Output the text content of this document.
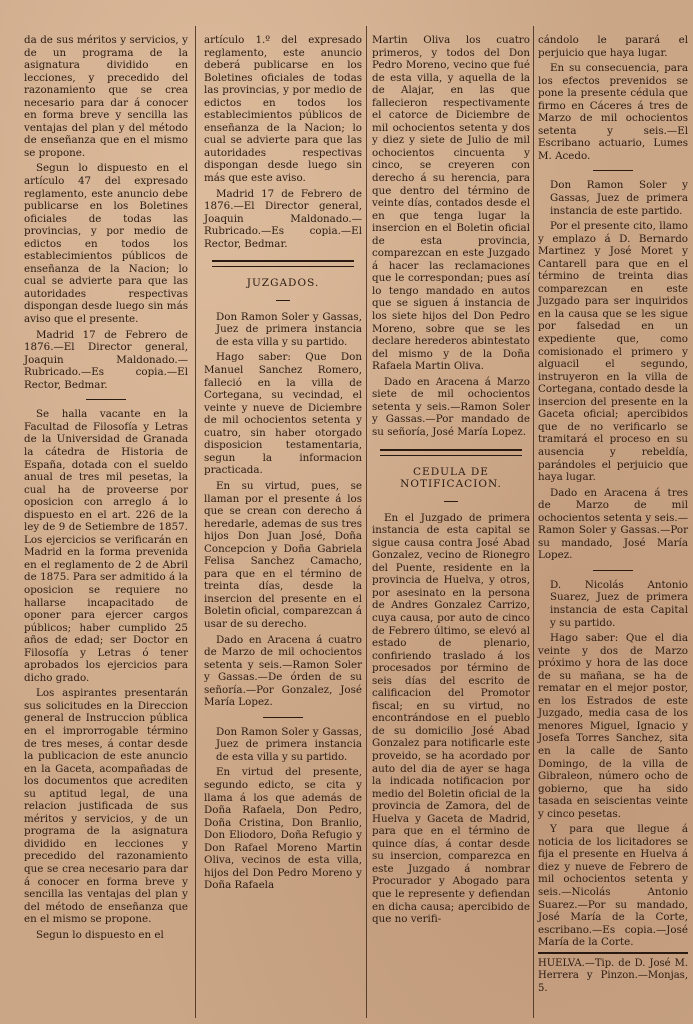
da de sus méritos y servicios, y de un programa de la asignatura dividido en lecciones, y precedido del razonamiento que se crea necesario para dar á conocer en forma breve y sencilla las ventajas del plan y del método de enseñanza que en el mismo se propone.

Segun lo dispuesto en el artículo 47 del expresado reglamento, este anuncio debe publicarse en los Boletines oficiales de todas las provincias, y por medio de edictos en todos los establecimientos públicos de enseñanza de la Nacion; lo cual se advierte para que las autoridades respectivas dispongan desde luego sin más aviso que el presente.

Madrid 17 de Febrero de 1876.—El Director general, Joaquin Maldonado.—Rubricado.—Es copia.—El Rector, Bedmar.

Se halla vacante en la Facultad de Filosofía y Letras de la Universidad de Granada la cátedra de Historia de España, dotada con el sueldo anual de tres mil pesetas, la cual ha de proveerse por oposicion con arreglo á lo dispuesto en el art. 226 de la ley de 9 de Setiembre de 1857. Los ejercicios se verificarán en Madrid en la forma prevenida en el reglamento de 2 de Abril de 1875. Para ser admitido á la oposicion se requiere no hallarse incapacitado de oponer para ejercer cargos públicos; haber cumplido 25 años de edad; ser Doctor en Filosofía y Letras ó tener aprobados los ejercicios para dicho grado.

Los aspirantes presentarán sus solicitudes en la Direccion general de Instruccion pública en el improrrogable término de tres meses, á contar desde la publicacion de este anuncio en la Gaceta, acompañadas de los documentos que acrediten su aptitud legal, de una relacion justificada de sus méritos y servicios, y de un programa de la asignatura dividido en lecciones y precedido del razonamiento que se crea necesario para dar á conocer en forma breve y sencilla las ventajas del plan y del método de enseñanza que en el mismo se propone.

Segun lo dispuesto en el

artículo 1.º del expresado reglamento, este anuncio deberá publicarse en los Boletines oficiales de todas las provincias, y por medio de edictos en todos los establecimientos públicos de enseñanza de la Nacion; lo cual se advierte para que las autoridades respectivas dispongan desde luego sin más que este aviso.

Madrid 17 de Febrero de 1876.—El Director general, Joaquin Maldonado.—Rubricado.—Es copia.—El Rector, Bedmar.

JUZGADOS.

Don Ramon Soler y Gassas, Juez de primera instancia de esta villa y su partido.

Hago saber: Que Don Manuel Sanchez Romero, falleció en la villa de Cortegana, su vecindad, el veinte y nueve de Diciembre de mil ochocientos setenta y cuatro, sin haber otorgado disposicion testamentaria, segun la informacion practicada.

En su virtud, pues, se llaman por el presente á los que se crean con derecho á heredarle, ademas de sus tres hijos Don Juan José, Doña Concepcion y Doña Gabriela Felisa Sanchez Camacho, para que en el término de treinta días, desde la insercion del presente en el Boletin oficial, comparezcan á usar de su derecho.

Dado en Aracena á cuatro de Marzo de mil ochocientos setenta y seis.—Ramon Soler y Gassas.—De órden de su señoría.—Por Gonzalez, José María Lopez.

Don Ramon Soler y Gassas, Juez de primera instancia de esta villa y su partido.

En virtud del presente, segundo edicto, se cita y llama á los que además de Doña Rafaela, Don Pedro, Doña Cristina, Don Branlio, Don Eliodoro, Doña Refugio y Don Rafael Moreno Martin Oliva, vecinos de esta villa, hijos del Don Pedro Moreno y Doña Rafaela

Martin Oliva los cuatro primeros, y todos del Don Pedro Moreno, vecino que fué de esta villa, y aquella de la de Alajar, en las que fallecieron respectivamente el catorce de Diciembre de mil ochocientos setenta y dos y diez y siete de Julio de mil ochocientos cincuenta y cinco, se creyeren con derecho á su herencia, para que dentro del término de veinte días, contados desde el en que tenga lugar la insercion en el Boletin oficial de esta provincia, comparezcan en este Juzgado á hacer las reclamaciones que le correspondan; pues así lo tengo mandado en autos que se siguen á instancia de los siete hijos del Don Pedro Moreno, sobre que se les declare herederos abintestato del mismo y de la Doña Rafaela Martin Oliva.

Dado en Aracena á Marzo siete de mil ochocientos setenta y seis.—Ramon Soler y Gassas.—Por mandado de su señoría, José María Lopez.

CEDULA DE NOTIFICACION.

En el Juzgado de primera instancia de esta capital se sigue causa contra José Abad Gonzalez, vecino de Rionegro del Puente, residente en la provincia de Huelva, y otros, por asesinato en la persona de Andres Gonzalez Carrizo, cuya causa, por auto de cinco de Febrero último, se elevó al estado de plenario, confiriendo traslado á los procesados por término de seis días del escrito de calificacion del Promotor fiscal; en su virtud, no encontrándose en el pueblo de su domicilio José Abad Gonzalez para notificarle este proveido, se ha acordado por auto del dia de ayer se haga la indicada notificacion por medio del Boletin oficial de la provincia de Zamora, del de Huelva y Gaceta de Madrid, para que en el término de quince días, á contar desde su insercion, comparezca en este Juzgado á nombrar Procurador y Abogado para que le represente y defiendan en dicha causa; apercibido de que no verifi-

cándolo le parará el perjuicio que haya lugar.

En su consecuencia, para los efectos prevenidos se pone la presente cédula que firmo en Cáceres á tres de Marzo de mil ochocientos setenta y seis.—El Escribano actuario, Lumes M. Acedo.

Don Ramon Soler y Gassas, Juez de primera instancia de este partido.

Por el presente cito, llamo y emplazo á D. Bernardo Martinez y José Moret y Cantarell para que en el término de treinta dias comparezcan en este Juzgado para ser inquiridos en la causa que se les sigue por falsedad en un expediente que, como comisionado el primero y alguacil el segundo, instruyeron en la villa de Cortegana, contado desde la insercion del presente en la Gaceta oficial; apercibidos que de no verificarlo se tramitará el proceso en su ausencia y rebeldía, parándoles el perjuicio que haya lugar.

Dado en Aracena á tres de Marzo de mil ochocientos setenta y seis.—Ramon Soler y Gassas.—Por su mandado, José María Lopez.

D. Nicolás Antonio Suarez, Juez de primera instancia de esta Capital y su partido.

Hago saber: Que el dia veinte y dos de Marzo próximo y hora de las doce de su mañana, se ha de rematar en el mejor postor, en los Estrados de este Juzgado, media casa de los menores Miguel, Ignacio y Josefa Torres Sanchez, sita en la calle de Santo Domingo, de la villa de Gibraleon, número ocho de gobierno, que ha sido tasada en seiscientas veinte y cinco pesetas.

Y para que llegue á noticia de los licitadores se fija el presente en Huelva á diez y nueve de Febrero de mil ochocientos setenta y seis.—Nicolás Antonio Suarez.—Por su mandado, José María de la Corte, escribano.—Es copia.—José María de la Corte.

HUELVA.—Tip. de D. José M. Herrera y Pinzon.—Monjas, 5.
